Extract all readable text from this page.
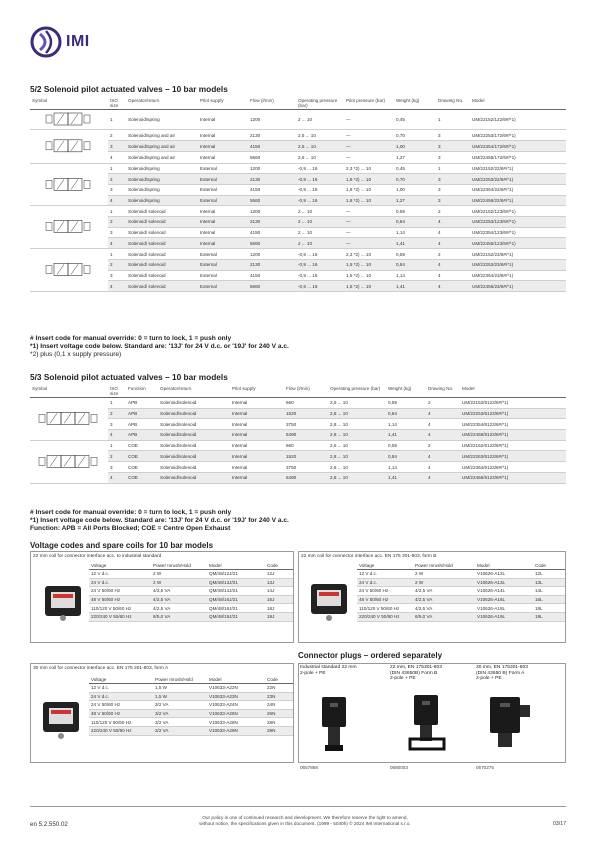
IMI
5/2 Solenoid pilot actuated valves – 10 bar models
Symbol	ISO size	Operator/return	Pilot supply	Flow (l/min)	Operating pressure (bar)	Pilot pressure (bar)	Weight (kg)	Drawing No.	Model
	1	Solenoid/spring	Internal	1200	2 ... 10	—	0,45	1	UM/22152/122/6#/*1)
	2	Solenoid/spring and air	Internal	2130	2,5 ... 10	—	0,70	3	UM/22253/172/6#/*1)
	3	Solenoid/spring and air	Internal	4150	2,5 ... 10	—	1,00	3	UM/22354/172/6#/*1)
	4	Solenoid/spring and air	Internal	5660	2,5 ... 10	—	1,27	3	UM/22456/172/6#/*1)
	1	Solenoid/spring	External	1200	-0,9 ... 16	2,3 *2) ... 10	0,45	1	UM/22152/22/6#/*1)
	2	Solenoid/spring	External	2130	-0,9 ... 16	1,8 *2) ... 10	0,70	3	UM/22253/22/6#/*1)
	3	Solenoid/spring	External	4150	-0,9 ... 16	1,8 *2) ... 10	1,00	3	UM/22354/22/6#/*1)
	4	Solenoid/spring	External	5660	-0,9 ... 16	1,8 *2) ... 10	1,27	3	UM/22456/22/6#/*1)
	1	Solenoid/ solenoid	Internal	1200	2 ... 10	—	0,59	2	UM/22152/123/6#/*1)
	2	Solenoid/ solenoid	Internal	2130	2 ... 10	—	0,84	4	UM/22253/123/6#/*1)
	3	Solenoid/ solenoid	Internal	4150	2 ... 10	—	1,14	4	UM/22354/123/6#/*1)
	4	Solenoid/ solenoid	Internal	5660	2 ... 10	—	1,41	4	UM/22456/123/6#/*1)
	1	Solenoid/ solenoid	External	1200	-0,9 ... 16	2,3 *2) ... 10	0,59	2	UM/22152/23/6#/*1)
	2	Solenoid/ solenoid	External	2130	-0,9 ... 16	1,5 *2) ... 10	0,84	4	UM/22253/23/6#/*1)
	3	Solenoid/ solenoid	External	4150	-0,9 ... 16	1,5 *2) ... 10	1,14	4	UM/22354/23/6#/*1)
	4	Solenoid/ solenoid	External	5660	-0,9 ... 16	1,5 *2) ... 10	1,41	4	UM/22456/23/6#/*1)
# Insert code for manual override: 0 = turn to lock, 1 = push only
*1) Insert voltage code below. Standard are: '13J' for 24 V d.c. or '19J' for 240 V a.c.
*2) plus (0,1 x supply pressure)
5/3 Solenoid pilot actuated valves – 10 bar models
Symbol	ISO size	Function	Operator/return	Pilot supply	Flow (l/min)	Operating pressure (bar)	Weight (kg)	Drawing No.	Model
	1	APB	Solenoid/solenoid	Internal	660	2,5 ... 10	0,59	2	UM/22152/6123/6#/*1)
	2	APB	Solenoid/solenoid	Internal	1520	2,8 ... 10	0,84	4	UM/22253/6123/6#/*1)
	3	APB	Solenoid/solenoid	Internal	3750	2,8 ... 10	1,14	4	UM/22354/6123/6#/*1)
	4	APB	Solenoid/solenoid	Internal	5490	2,8 ... 10	1,41	4	UM/22456/6123/6#/*1)
	1	COE	Solenoid/solenoid	Internal	660	2,5 ... 10	0,59	2	UM/22162/6123/6#/*1)
	2	COE	Solenoid/solenoid	Internal	1520	2,8 ... 10	0,84	4	UM/22263/6123/6#/*1)
	3	COE	Solenoid/solenoid	Internal	3750	2,8 ... 10	1,14	4	UM/22364/6123/6#/*1)
	4	COE	Solenoid/solenoid	Internal	5490	2,8 ... 10	1,41	4	UM/22466/6123/6#/*1)
# Insert code for manual override: 0 = turn to lock, 1 = push only
*1) Insert voltage code below. Standard are: '13J' for 24 V d.c. or '19J' for 240 V a.c.
Function: APB = All Ports Blocked; COE = Centre Open Exhaust
Voltage codes and spare coils for 10 bar models
22 mm coil for connector interface acc. to industrial standard
Voltage	Power Inrush/Hold	Model	Code
12 V d.c.	2 W	QM/48/12J/21	12J
24 V d.c.	2 W	QM/48/13J/21	13J
24 V 50/60 Hz	4/2,5 VA	QM/48/14J/21	14J
48 V 50/60 Hz	4/2,5 VA	QM/48/16J/21	16J
110/120 V 50/60 Hz	4/2,5 VA	QM/48/18J/21	18J
220/240 V 50/60 Hz	6/5,0 VA	QM/48/19J/21	19J
22 mm coil for connector interface acc. EN 175 301-803, form B
Voltage	Power Inrush/Hold	Model	Code
12 V d.c.	2 W	V10626-A12L	12L
24 V d.c.	2 W	V10626-A13L	13L
24 V 50/60 Hz	4/2,5 VA	V10626-A14L	14L
48 V 50/60 Hz	4/2,5 VA	V10626-A16L	16L
110/120 V 50/60 Hz	4/2,5 VA	V10626-A18L	18L
220/240 V 50/60 Hz	6/5,0 VA	V10626-A19L	19L
30 mm coil for connector interface acc. EN 175 301-803, form A
Voltage	Power Inrush/Hold	Model	Code
12 V d.c.	1,5 W	V10633-A22N	22N
24 V d.c.	1,5 W	V10633-A23N	23N
24 V 50/60 Hz	3/2 VA	V10633-A24N	24N
48 V 50/60 Hz	3/2 VA	V10633-A26N	26N
110/120 V 50/60 Hz	3/2 VA	V10633-A28N	28N
220/240 V 50/60 Hz	3/2 VA	V10633-A29N	29N
Connector plugs – ordered separately
Industrial standard 22 mm
2-pole + PE
22 mm, EN 175301-803
(DIN 43650B) Form B
2-pole + PE
30 mm, EN 175301-803
(DIN 43650 B) Form A
2-pole + PE
0657868	0680003	0570275
en 5.2.550.02
Our policy is one of continued research and development. We therefore reserve the right to amend,
without notice, the specifications given in this document. (1999 - 5040h) © 2024 IMI International s.r.o.	03/17
